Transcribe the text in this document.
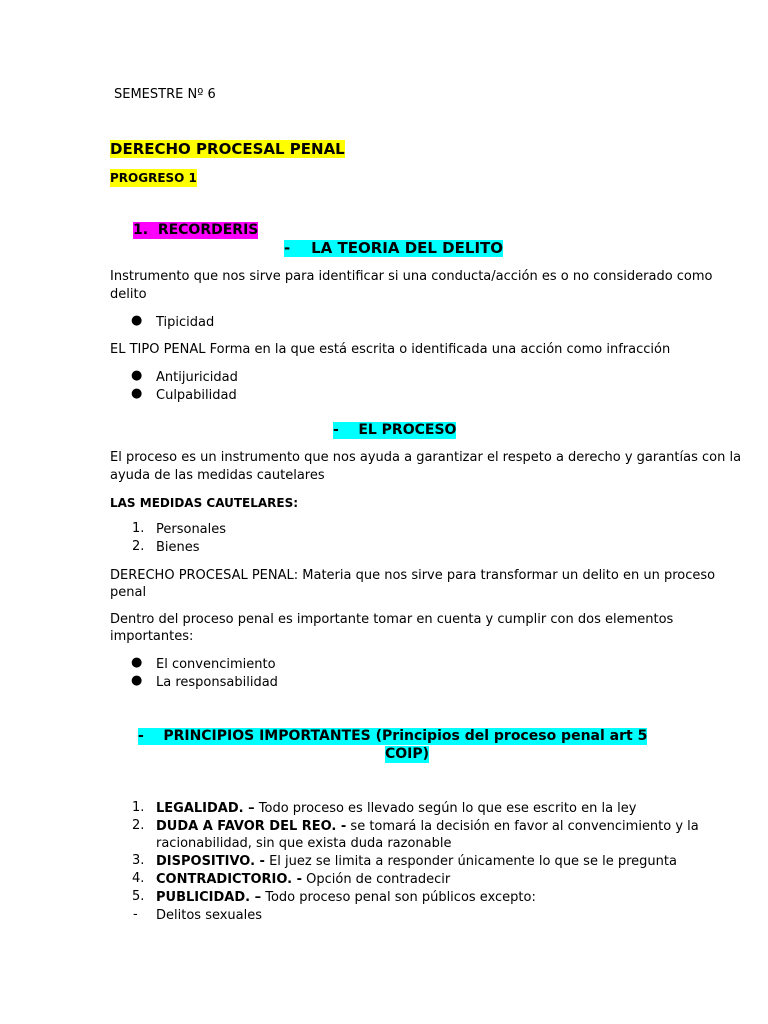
SEMESTRE Nº 6
DERECHO PROCESAL PENAL
PROGRESO 1
1. RECORDERIS
- LA TEORIA DEL DELITO
Instrumento que nos sirve para identificar si una conducta/acción es o no considerado como
delito
● Tipicidad
EL TIPO PENAL Forma en la que está escrita o identificada una acción como infracción
● Antijuricidad
● Culpabilidad
- EL PROCESO
El proceso es un instrumento que nos ayuda a garantizar el respeto a derecho y garantías con la
ayuda de las medidas cautelares
LAS MEDIDAS CAUTELARES:
1. Personales
2. Bienes
DERECHO PROCESAL PENAL: Materia que nos sirve para transformar un delito en un proceso
penal
Dentro del proceso penal es importante tomar en cuenta y cumplir con dos elementos
importantes:
● El convencimiento
● La responsabilidad
- PRINCIPIOS IMPORTANTES (Principios del proceso penal art 5
COIP)
1. LEGALIDAD. – Todo proceso es llevado según lo que ese escrito en la ley
2. DUDA A FAVOR DEL REO. - se tomará la decisión en favor al convencimiento y la
racionabilidad, sin que exista duda razonable
3. DISPOSITIVO. - El juez se limita a responder únicamente lo que se le pregunta
4. CONTRADICTORIO. - Opción de contradecir
5. PUBLICIDAD. – Todo proceso penal son públicos excepto:
- Delitos sexuales
